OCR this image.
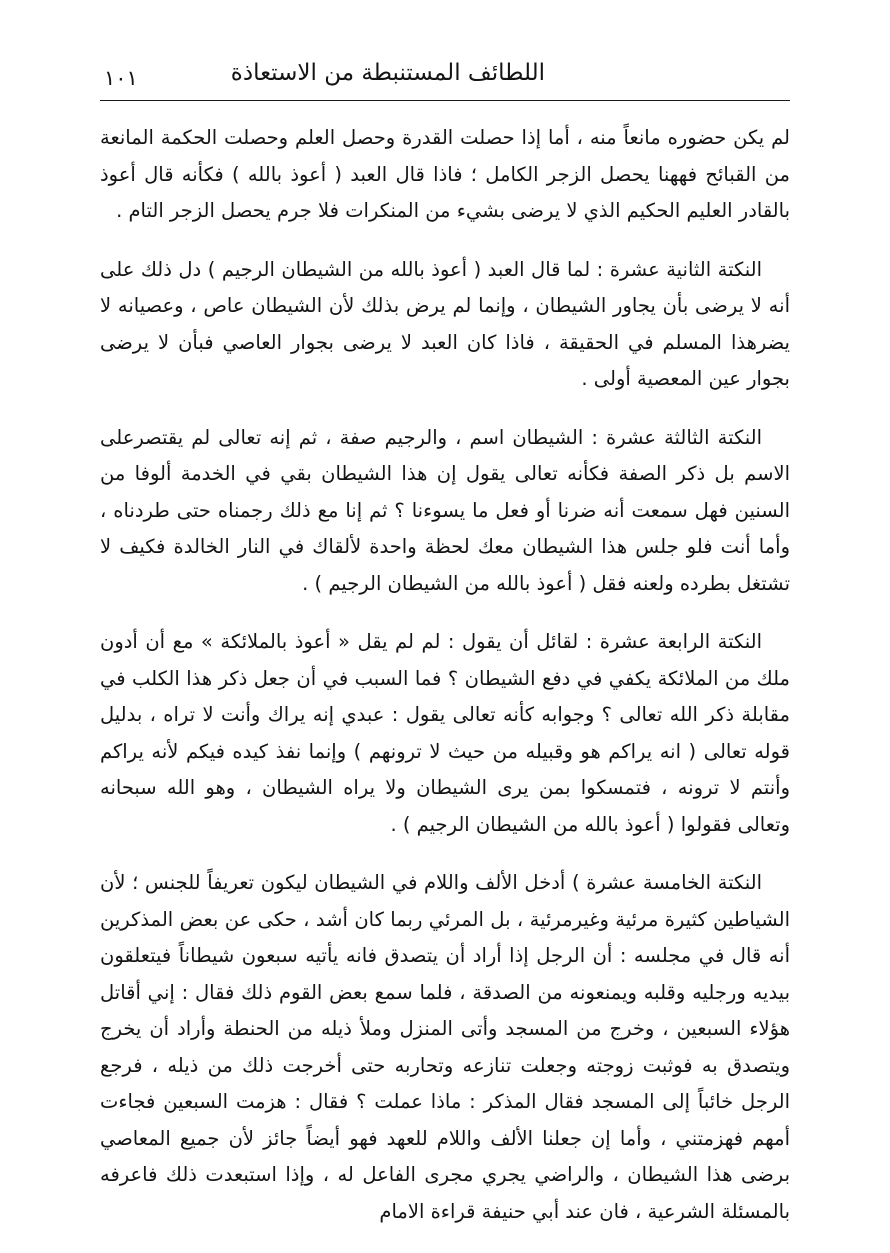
اللطائف المستنبطة من الاستعاذة
١٠١

لم يكن حضوره مانعاً منه ، أما إذا حصلت القدرة وحصل العلم وحصلت الحكمة المانعة من القبائح فههنا يحصل الزجر الكامل ؛ فاذا قال العبد ( أعوذ بالله ) فكأنه قال أعوذ بالقادر العليم الحكيم الذي لا يرضى بشيء من المنكرات فلا جرم يحصل الزجر التام .

النكتة الثانية عشرة : لما قال العبد ( أعوذ بالله من الشيطان الرجيم ) دل ذلك على أنه لا يرضى بأن يجاور الشيطان ، وإنما لم يرض بذلك لأن الشيطان عاص ، وعصيانه لا يضرهذا المسلم في الحقيقة ، فاذا كان العبد لا يرضى بجوار العاصي فبأن لا يرضى بجوار عين المعصية أولى .

النكتة الثالثة عشرة : الشيطان اسم ، والرجيم صفة ، ثم إنه تعالى لم يقتصرعلى الاسم بل ذكر الصفة فكأنه تعالى يقول إن هذا الشيطان بقي في الخدمة ألوفا من السنين فهل سمعت أنه ضرنا أو فعل ما يسوءنا ؟ ثم إنا مع ذلك رجمناه حتى طردناه ، وأما أنت فلو جلس هذا الشيطان معك لحظة واحدة لألقاك في النار الخالدة فكيف لا تشتغل بطرده ولعنه فقل ( أعوذ بالله من الشيطان الرجيم ) .

النكتة الرابعة عشرة : لقائل أن يقول : لم لم يقل « أعوذ بالملائكة » مع أن أدون ملك من الملائكة يكفي في دفع الشيطان ؟ فما السبب في أن جعل ذكر هذا الكلب في مقابلة ذكر الله تعالى ؟ وجوابه كأنه تعالى يقول : عبدي إنه يراك وأنت لا تراه ، بدليل قوله تعالى ( انه يراكم هو وقبيله من حيث لا ترونهم ) وإنما نفذ كيده فيكم لأنه يراكم وأنتم لا ترونه ، فتمسكوا بمن يرى الشيطان ولا يراه الشيطان ، وهو الله سبحانه وتعالى فقولوا ( أعوذ بالله من الشيطان الرجيم ) .

النكتة الخامسة عشرة ) أدخل الألف واللام في الشيطان ليكون تعريفاً للجنس ؛ لأن الشياطين كثيرة مرئية وغيرمرئية ، بل المرئي ربما كان أشد ، حكى عن بعض المذكرين أنه قال في مجلسه : أن الرجل إذا أراد أن يتصدق فانه يأتيه سبعون شيطاناً فيتعلقون بيديه ورجليه وقلبه ويمنعونه من الصدقة ، فلما سمع بعض القوم ذلك فقال : إني أقاتل هؤلاء السبعين ، وخرج من المسجد وأتى المنزل وملأ ذيله من الحنطة وأراد أن يخرج ويتصدق به فوثبت زوجته وجعلت تنازعه وتحاربه حتى أخرجت ذلك من ذيله ، فرجع الرجل خائباً إلى المسجد فقال المذكر : ماذا عملت ؟ فقال : هزمت السبعين فجاءت أمهم فهزمتني ، وأما إن جعلنا الألف واللام للعهد فهو أيضاً جائز لأن جميع المعاصي برضى هذا الشيطان ، والراضي يجري مجرى الفاعل له ، وإذا استبعدت ذلك فاعرفه بالمسئلة الشرعية ، فان عند أبي حنيفة قراءة الامام
